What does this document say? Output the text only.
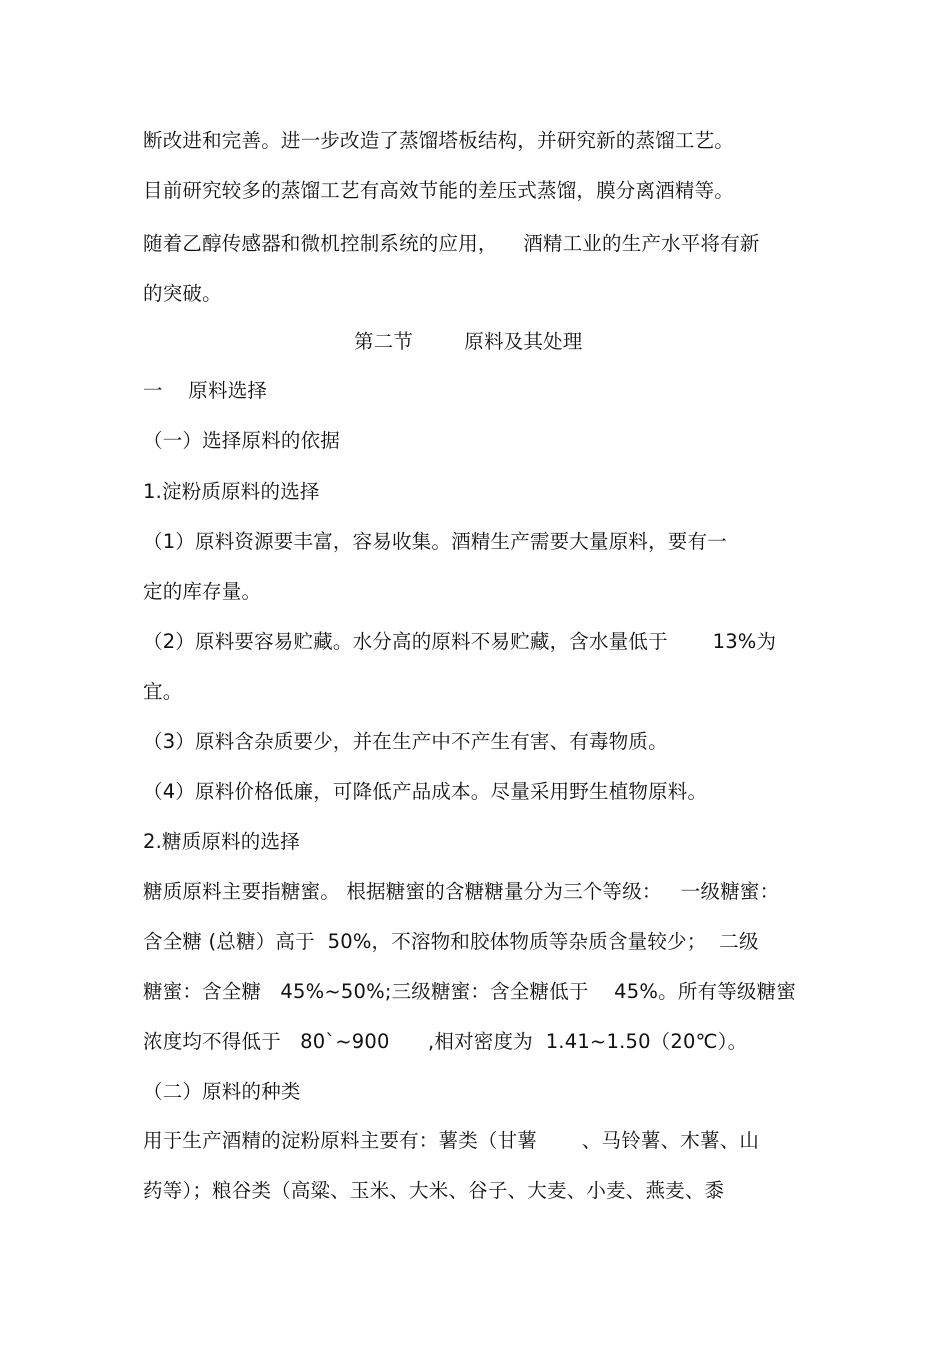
断改进和完善。进一步改造了蒸馏塔板结构，并研究新的蒸馏工艺。
目前研究较多的蒸馏工艺有高效节能的差压式蒸馏，膜分离酒精等。
随着乙醇传感器和微机控制系统的应用，    酒精工业的生产水平将有新
的突破。
第二节        原料及其处理
一    原料选择
（一）选择原料的依据
1.淀粉质原料的选择
（1）原料资源要丰富，容易收集。酒精生产需要大量原料，要有一
定的库存量。
（2）原料要容易贮藏。水分高的原料不易贮藏，含水量低于       13%为
宜。
（3）原料含杂质要少，并在生产中不产生有害、有毒物质。
（4）原料价格低廉，可降低产品成本。尽量采用野生植物原料。
2.糖质原料的选择
糖质原料主要指糖蜜。 根据糖蜜的含糖糖量分为三个等级：   一级糖蜜：
含全糖 (总糖）高于  50%，不溶物和胶体物质等杂质含量较少；  二级
糖蜜：含全糖   45%~50%;三级糖蜜：含全糖低于    45%。所有等级糖蜜
浓度均不得低于   80`~900      ,相对密度为  1.41~1.50（20℃）。
（二）原料的种类
用于生产酒精的淀粉原料主要有：薯类（甘薯       、马铃薯、木薯、山
药等）；粮谷类（高粱、玉米、大米、谷子、大麦、小麦、燕麦、黍
